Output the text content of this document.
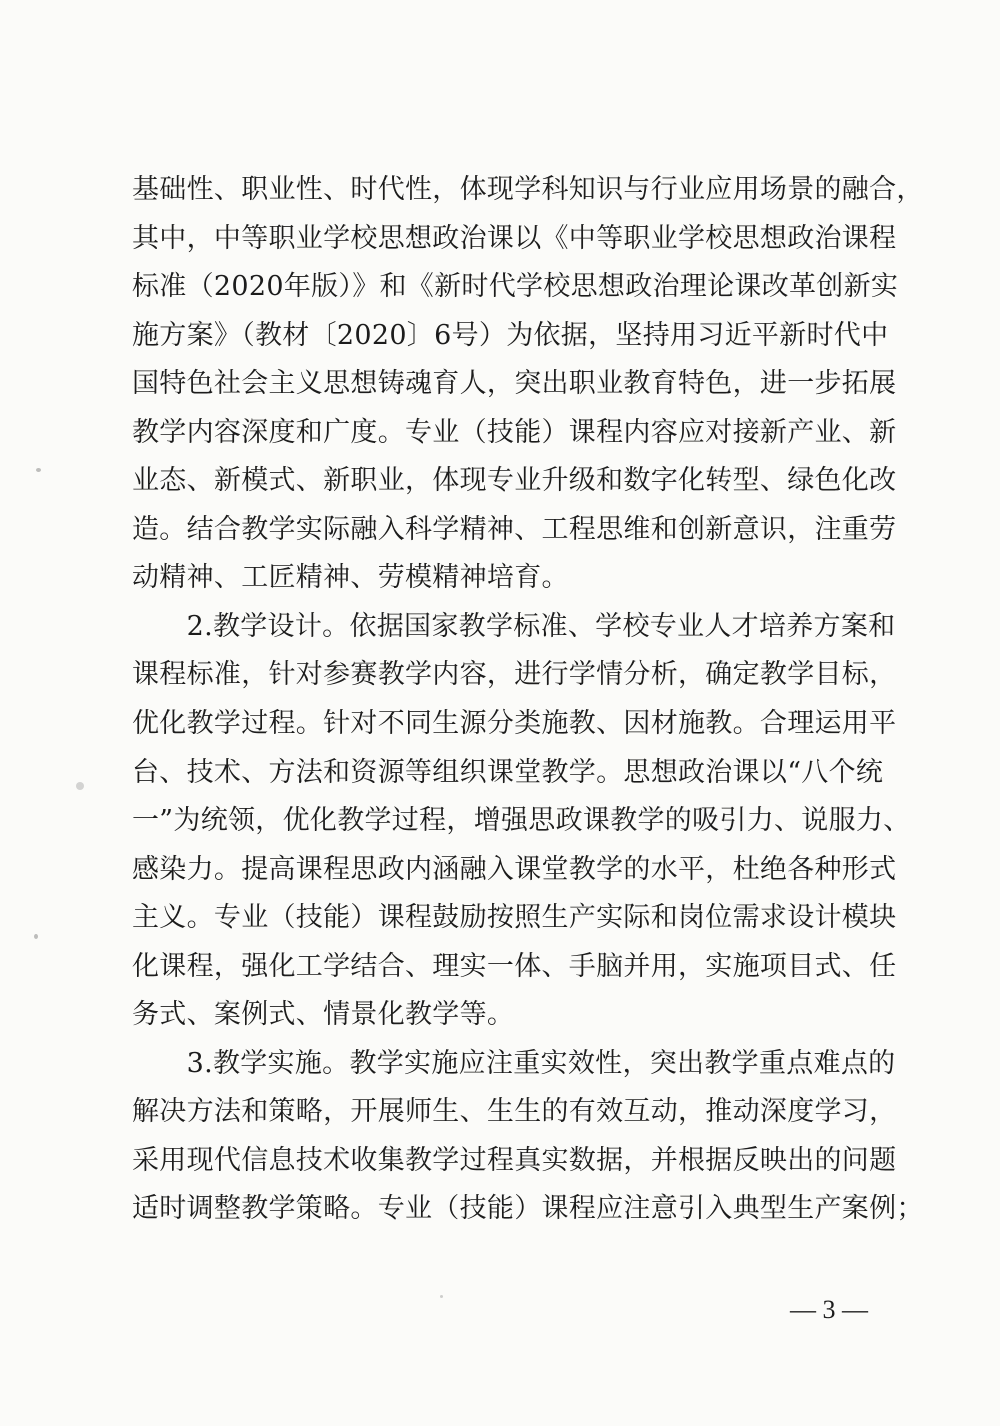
基础性、职业性、时代性，体现学科知识与行业应用场景的融合，
其中，中等职业学校思想政治课以《中等职业学校思想政治课程
标准（2020年版）》和《新时代学校思想政治理论课改革创新实
施方案》（教材〔2020〕6号）为依据，坚持用习近平新时代中
国特色社会主义思想铸魂育人，突出职业教育特色，进一步拓展
教学内容深度和广度。专业（技能）课程内容应对接新产业、新
业态、新模式、新职业，体现专业升级和数字化转型、绿色化改
造。结合教学实际融入科学精神、工程思维和创新意识，注重劳
动精神、工匠精神、劳模精神培育。
　　2.教学设计。依据国家教学标准、学校专业人才培养方案和
课程标准，针对参赛教学内容，进行学情分析，确定教学目标，
优化教学过程。针对不同生源分类施教、因材施教。合理运用平
台、技术、方法和资源等组织课堂教学。思想政治课以“八个统
一”为统领，优化教学过程，增强思政课教学的吸引力、说服力、
感染力。提高课程思政内涵融入课堂教学的水平，杜绝各种形式
主义。专业（技能）课程鼓励按照生产实际和岗位需求设计模块
化课程，强化工学结合、理实一体、手脑并用，实施项目式、任
务式、案例式、情景化教学等。
　　3.教学实施。教学实施应注重实效性，突出教学重点难点的
解决方法和策略，开展师生、生生的有效互动，推动深度学习，
采用现代信息技术收集教学过程真实数据，并根据反映出的问题
适时调整教学策略。专业（技能）课程应注意引入典型生产案例；
— 3 —
